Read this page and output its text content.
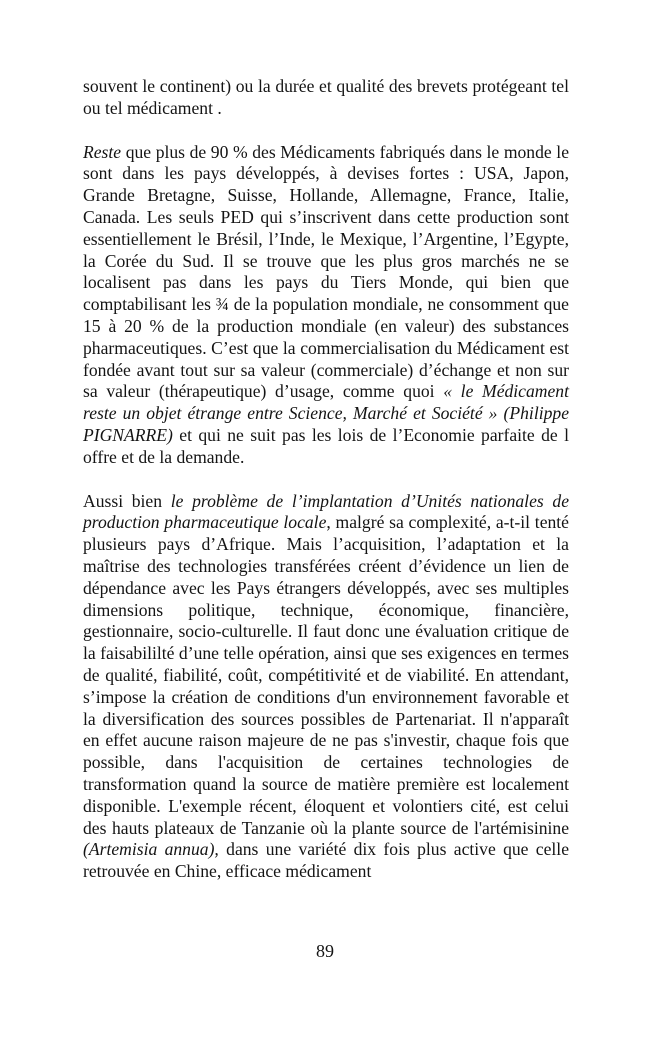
souvent le continent) ou la durée et qualité des brevets protégeant tel ou tel médicament .

Reste que plus de 90 % des Médicaments fabriqués dans le monde le sont dans les pays développés, à devises fortes : USA, Japon, Grande Bretagne, Suisse, Hollande, Allemagne, France, Italie, Canada. Les seuls PED qui s’inscrivent dans cette production sont essentiellement le Brésil, l’Inde, le Mexique, l’Argentine, l’Egypte, la Corée du Sud. Il se trouve que les plus gros marchés ne se localisent pas dans les pays du Tiers Monde, qui bien que comptabilisant les ¾ de la population mondiale, ne consomment que 15 à 20 % de la production mondiale (en valeur) des substances pharmaceutiques. C’est que la commercialisation du Médicament est fondée avant tout sur sa valeur (commerciale) d’échange et non sur sa valeur (thérapeutique) d’usage, comme quoi « le Médicament reste un objet étrange entre Science, Marché et Société » (Philippe PIGNARRE) et qui ne suit pas les lois de l’Economie parfaite de l offre et de la demande.

Aussi bien le problème de l’implantation d’Unités nationales de production pharmaceutique locale, malgré sa complexité, a-t-il tenté plusieurs pays d’Afrique. Mais l’acquisition, l’adaptation et la maîtrise des technologies transférées créent d’évidence un lien de dépendance avec les Pays étrangers développés, avec ses multiples dimensions politique, technique, économique, financière, gestionnaire, socio-culturelle. Il faut donc une évaluation critique de la faisabililté d’une telle opération, ainsi que ses exigences en termes de qualité, fiabilité, coût, compétitivité et de viabilité. En attendant, s’impose la création de conditions d'un environnement favorable et la diversification des sources possibles de Partenariat. Il n'apparaît en effet aucune raison majeure de ne pas s'investir, chaque fois que possible, dans l'acquisition de certaines technologies de transformation quand la source de matière première est localement disponible. L'exemple récent, éloquent et volontiers cité, est celui des hauts plateaux de Tanzanie où la plante source de l'artémisinine (Artemisia annua), dans une variété dix fois plus active que celle retrouvée en Chine, efficace médicament

89
